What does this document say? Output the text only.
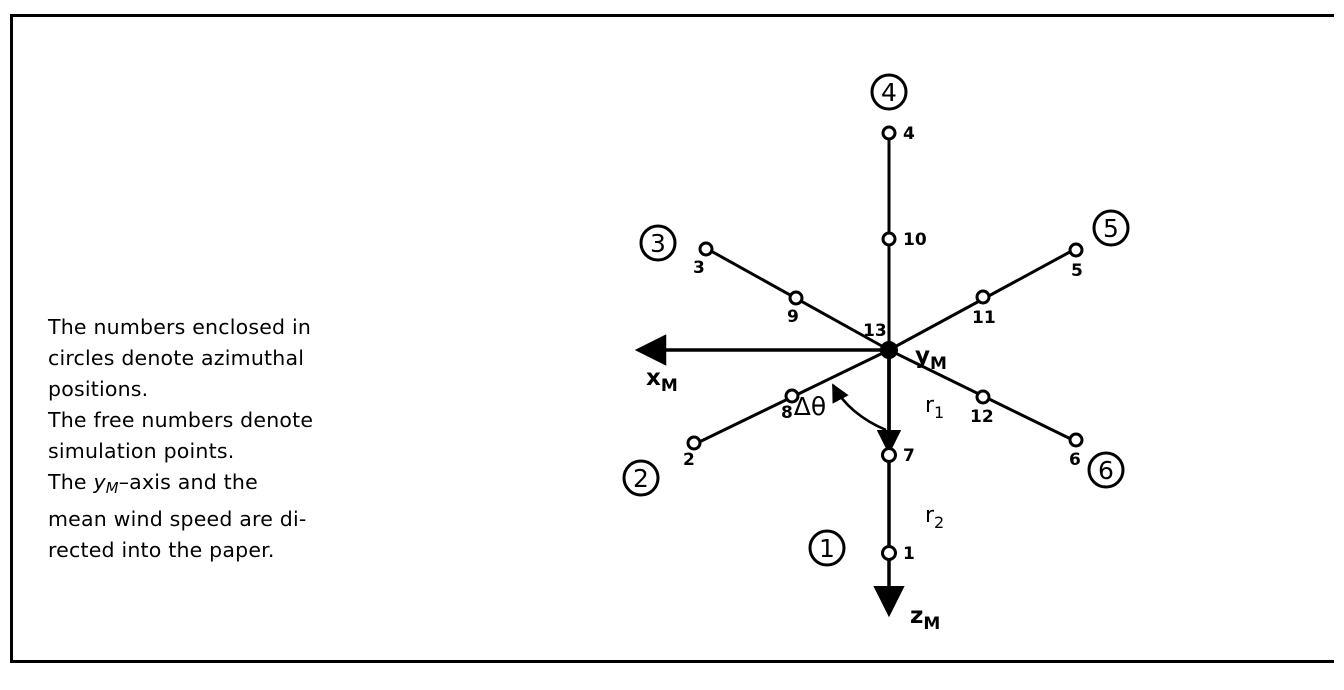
The numbers enclosed in

circles denote azimuthal

positions.

The free numbers denote

simulation points.

The $y_M$–axis and the

mean wind speed are di-

rected into the paper.	1
2
3
4
5
6
7
8
9
10
11
12
13
1
2
3
4
5
6
$x_M$
$y_M$
$z_M$
$r_1$
$r_2$
Δθ
